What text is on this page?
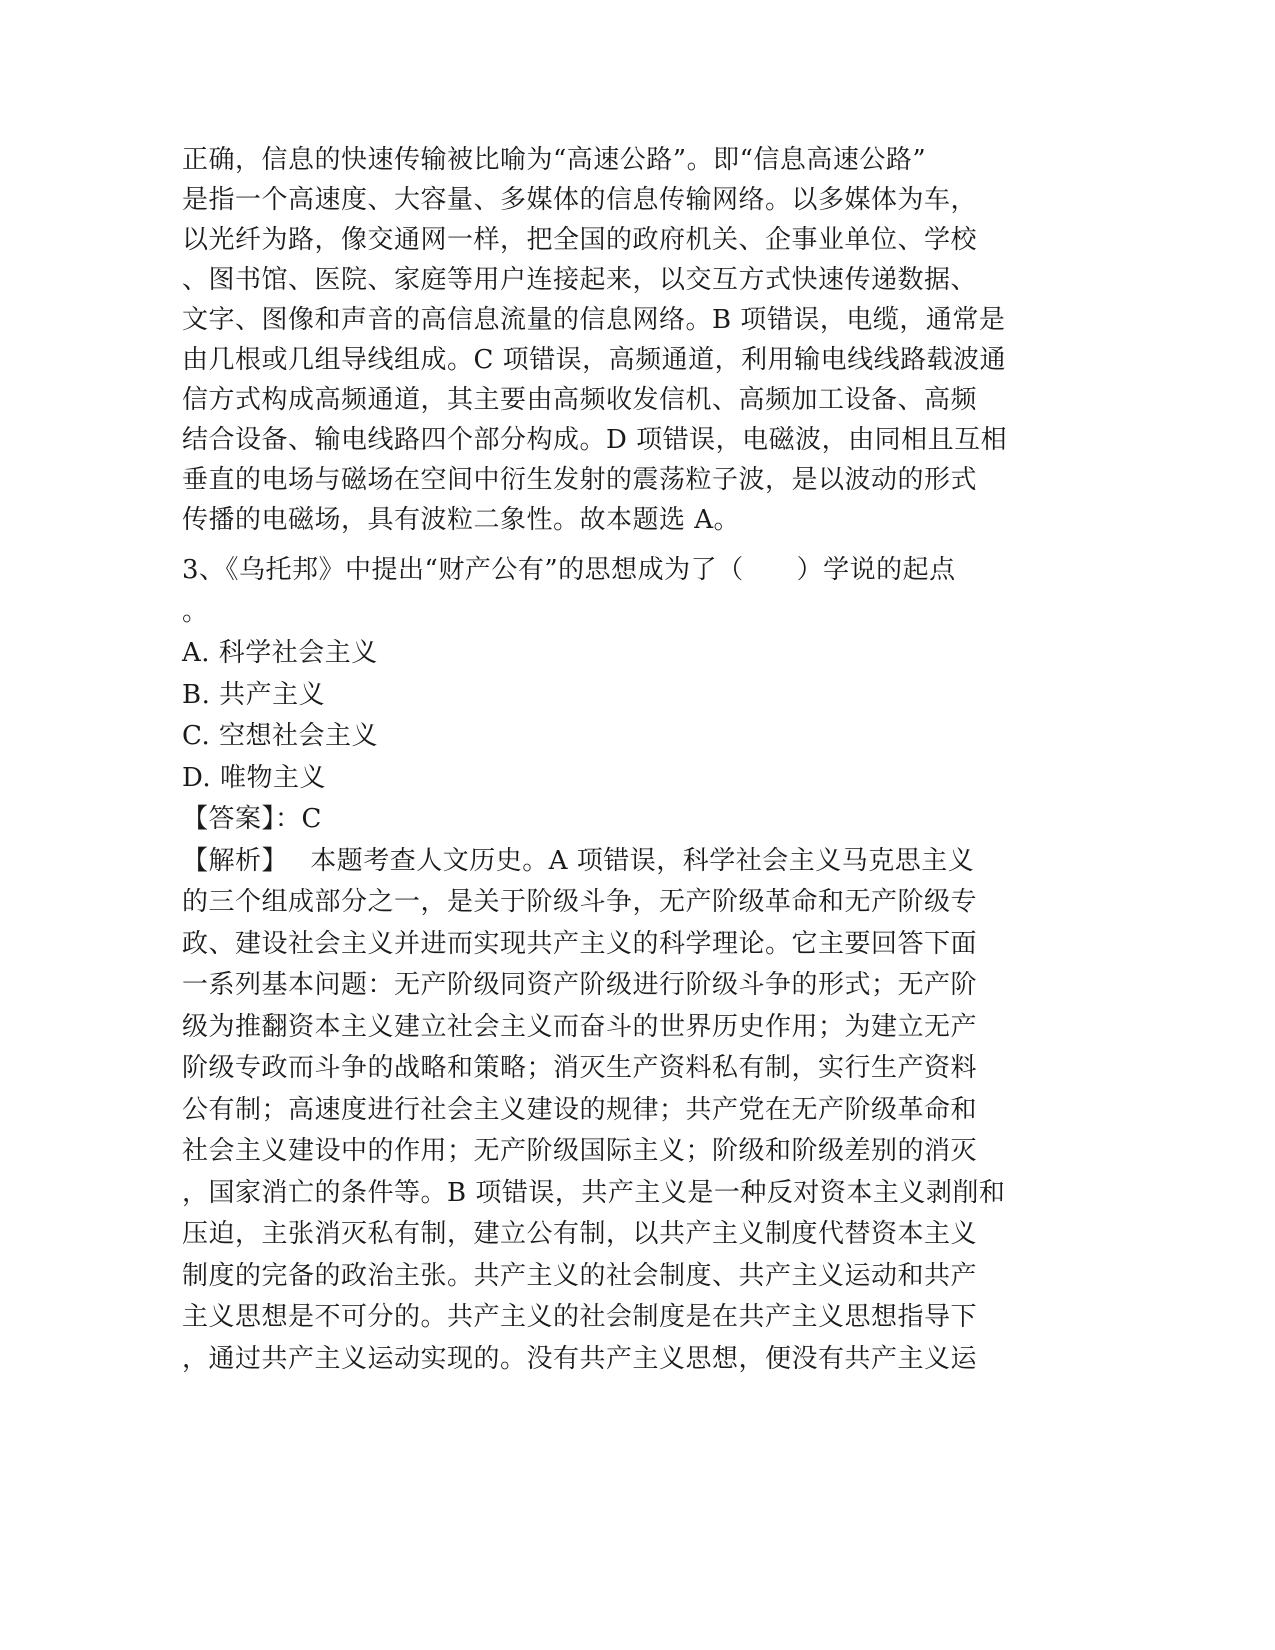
正确，信息的快速传输被比喻为“高速公路”。即“信息高速公路”
是指一个高速度、大容量、多媒体的信息传输网络。以多媒体为车，
以光纤为路，像交通网一样，把全国的政府机关、企事业单位、学校
、图书馆、医院、家庭等用户连接起来，以交互方式快速传递数据、
文字、图像和声音的高信息流量的信息网络。B 项错误，电缆，通常是
由几根或几组导线组成。C 项错误，高频通道，利用输电线线路载波通
信方式构成高频通道，其主要由高频收发信机、高频加工设备、高频
结合设备、输电线路四个部分构成。D 项错误，电磁波，由同相且互相
垂直的电场与磁场在空间中衍生发射的震荡粒子波，是以波动的形式
传播的电磁场，具有波粒二象性。故本题选 A。
3、《乌托邦》中提出“财产公有”的思想成为了（　　）学说的起点
。
A. 科学社会主义
B. 共产主义
C. 空想社会主义
D. 唯物主义
【答案】：C
【解析】　 本题考查人文历史。A 项错误，科学社会主义马克思主义
的三个组成部分之一，是关于阶级斗争，无产阶级革命和无产阶级专
政、建设社会主义并进而实现共产主义的科学理论。它主要回答下面
一系列基本问题：无产阶级同资产阶级进行阶级斗争的形式；无产阶
级为推翻资本主义建立社会主义而奋斗的世界历史作用；为建立无产
阶级专政而斗争的战略和策略；消灭生产资料私有制，实行生产资料
公有制；高速度进行社会主义建设的规律；共产党在无产阶级革命和
社会主义建设中的作用；无产阶级国际主义；阶级和阶级差别的消灭
，国家消亡的条件等。B 项错误，共产主义是一种反对资本主义剥削和
压迫，主张消灭私有制，建立公有制，以共产主义制度代替资本主义
制度的完备的政治主张。共产主义的社会制度、共产主义运动和共产
主义思想是不可分的。共产主义的社会制度是在共产主义思想指导下
，通过共产主义运动实现的。没有共产主义思想，便没有共产主义运
